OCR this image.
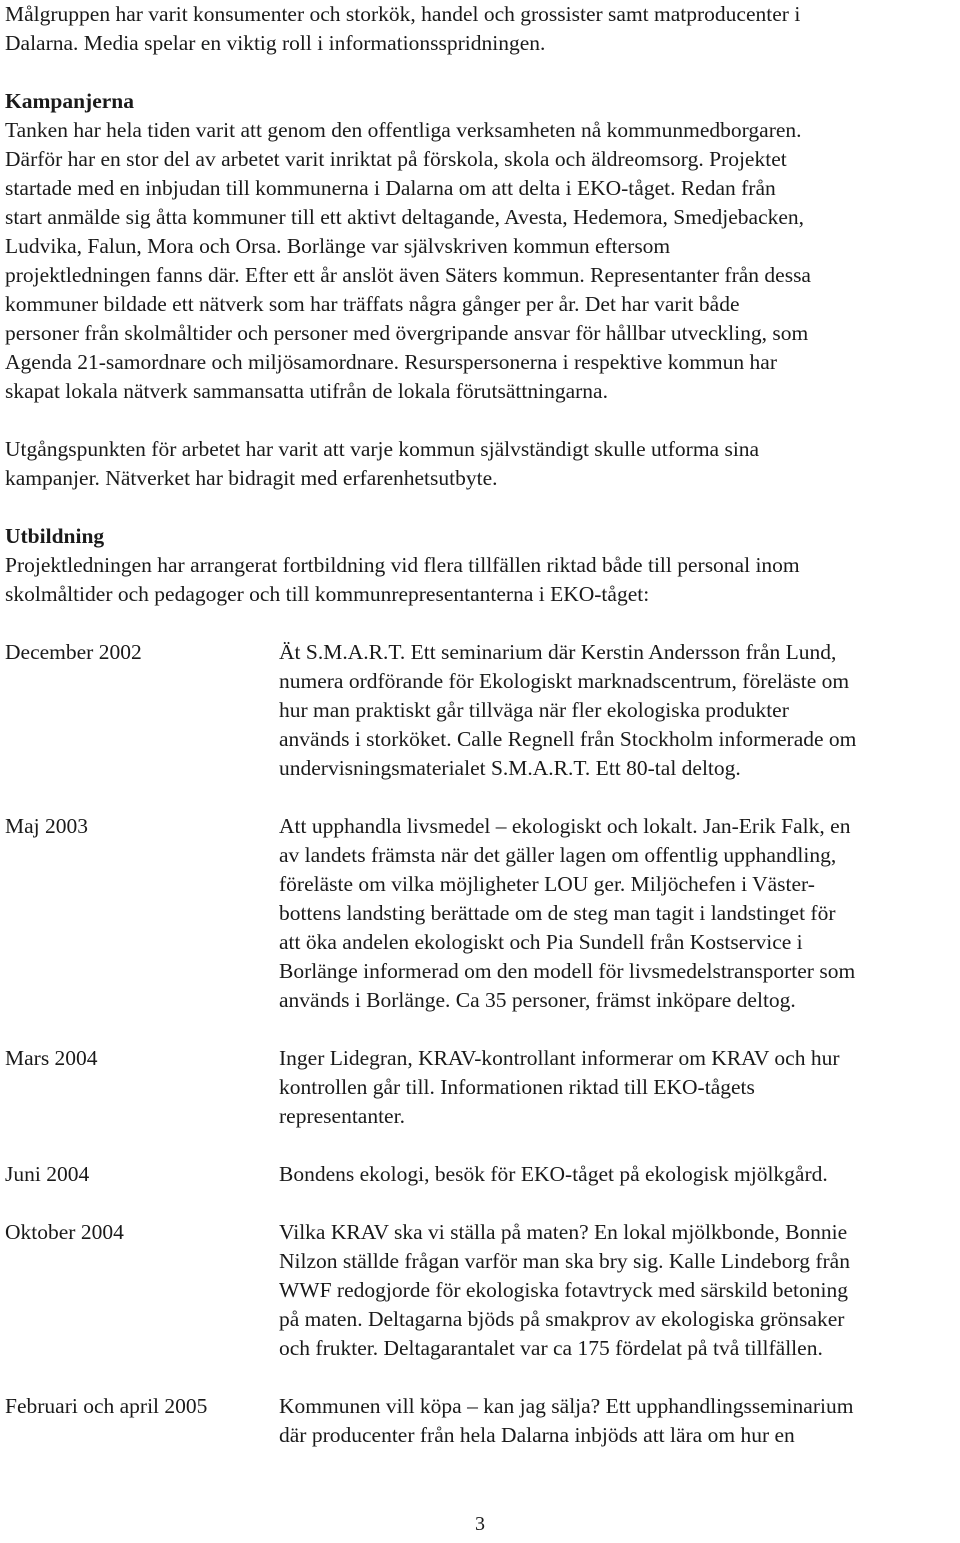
Målgruppen har varit konsumenter och storkök, handel och grossister samt matproducenter i
Dalarna. Media spelar en viktig roll i informationsspridningen.

Kampanjerna
Tanken har hela tiden varit att genom den offentliga verksamheten nå kommunmedborgaren.
Därför har en stor del av arbetet varit inriktat på förskola, skola och äldreomsorg. Projektet
startade med en inbjudan till kommunerna i Dalarna om att delta i EKO-tåget. Redan från
start anmälde sig åtta kommuner till ett aktivt deltagande, Avesta, Hedemora, Smedjebacken,
Ludvika, Falun, Mora och Orsa. Borlänge var självskriven kommun eftersom
projektledningen fanns där. Efter ett år anslöt även Säters kommun. Representanter från dessa
kommuner bildade ett nätverk som har träffats några gånger per år. Det har varit både
personer från skolmåltider och personer med övergripande ansvar för hållbar utveckling, som
Agenda 21-samordnare och miljösamordnare. Resurspersonerna i respektive kommun har
skapat lokala nätverk sammansatta utifrån de lokala förutsättningarna.

Utgångspunkten för arbetet har varit att varje kommun självständigt skulle utforma sina
kampanjer. Nätverket har bidragit med erfarenhetsutbyte.

Utbildning
Projektledningen har arrangerat fortbildning vid flera tillfällen riktad både till personal inom
skolmåltider och pedagoger och till kommunrepresentanterna i EKO-tåget:

December 2002	Ät S.M.A.R.T. Ett seminarium där Kerstin Andersson från Lund,
numera ordförande för Ekologiskt marknadscentrum, föreläste om
hur man praktiskt går tillväga när fler ekologiska produkter
används i storköket. Calle Regnell från Stockholm informerade om
undervisningsmaterialet S.M.A.R.T. Ett 80-tal deltog.
Maj 2003	Att upphandla livsmedel – ekologiskt och lokalt. Jan-Erik Falk, en
av landets främsta när det gäller lagen om offentlig upphandling,
föreläste om vilka möjligheter LOU ger. Miljöchefen i Väster-
bottens landsting berättade om de steg man tagit i landstinget för
att öka andelen ekologiskt och Pia Sundell från Kostservice i
Borlänge informerad om den modell för livsmedelstransporter som
används i Borlänge. Ca 35 personer, främst inköpare deltog.
Mars 2004	Inger Lidegran, KRAV-kontrollant informerar om KRAV och hur
kontrollen går till. Informationen riktad till EKO-tågets
representanter.
Juni 2004	Bondens ekologi, besök för EKO-tåget på ekologisk mjölkgård.
Oktober 2004	Vilka KRAV ska vi ställa på maten? En lokal mjölkbonde, Bonnie
Nilzon ställde frågan varför man ska bry sig. Kalle Lindeborg från
WWF redogjorde för ekologiska fotavtryck med särskild betoning
på maten. Deltagarna bjöds på smakprov av ekologiska grönsaker
och frukter. Deltagarantalet var ca 175 fördelat på två tillfällen.
Februari och april 2005	Kommunen vill köpa – kan jag sälja? Ett upphandlingsseminarium
där producenter från hela Dalarna inbjöds att lära om hur en
3
